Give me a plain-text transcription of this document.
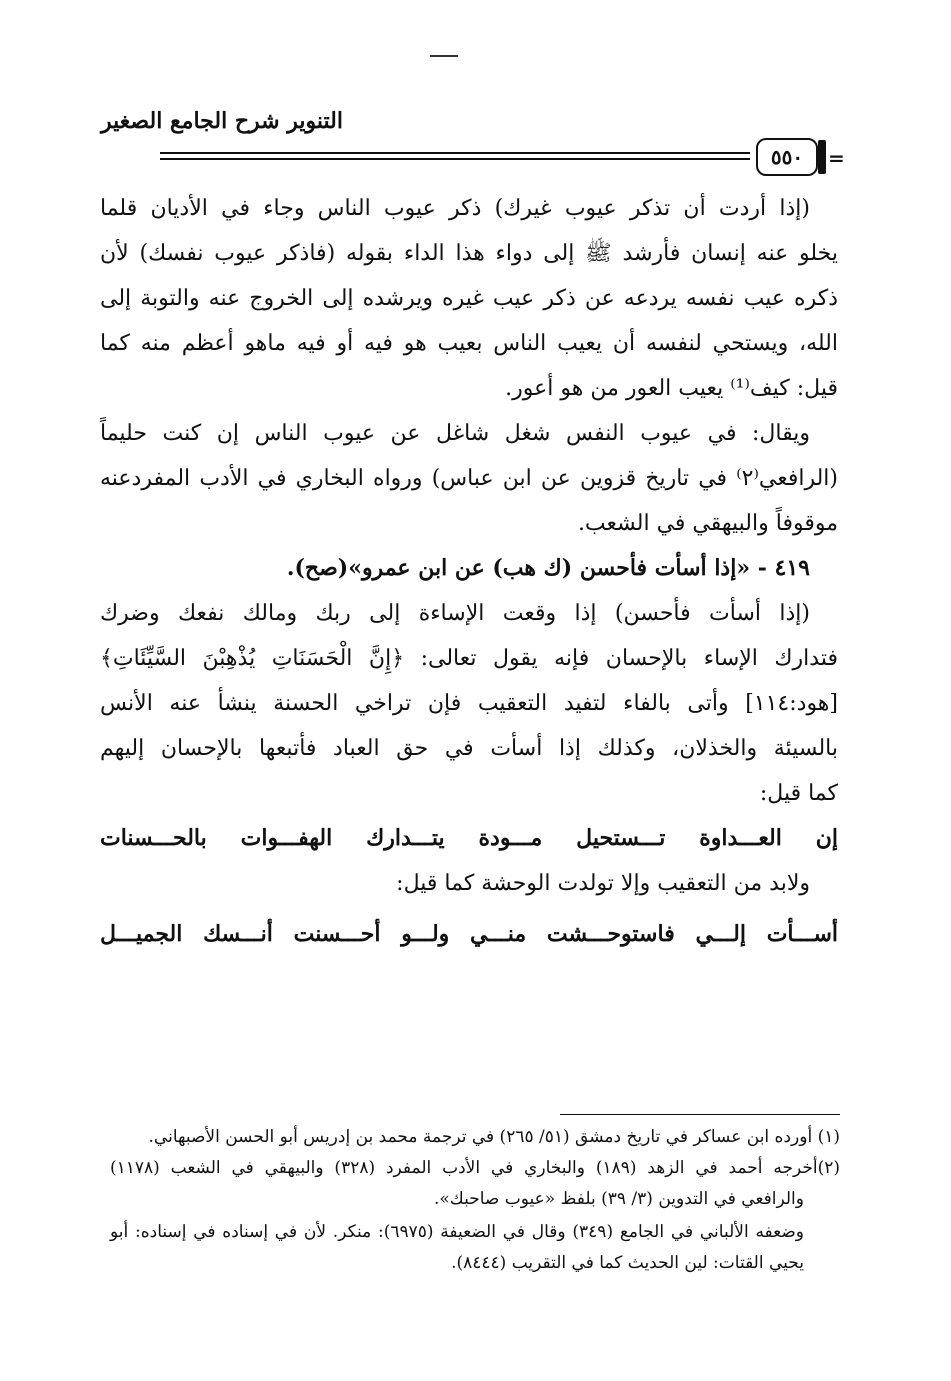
التنوير شرح الجامع الصغير
٥٥٠	=
(إذا أردت أن تذكر عيوب غيرك) ذكر عيوب الناس وجاء في الأديان قلما
يخلو عنه إنسان فأرشد ﷺ إلى دواء هذا الداء بقوله (فاذكر عيوب نفسك) لأن
ذكره عيب نفسه يردعه عن ذكر عيب غيره ويرشده إلى الخروج عنه والتوبة إلى
الله، ويستحي لنفسه أن يعيب الناس بعيب هو فيه أو فيه ماهو أعظم منه كما
قيل: كيف⁽¹⁾ يعيب العور من هو أعور.
ويقال: في عيوب النفس شغل شاغل عن عيوب الناس إن كنت حليماً
(الرافعي⁽٢⁾ في تاريخ قزوين عن ابن عباس) ورواه البخاري في الأدب المفردعنه
موقوفاً والبيهقي في الشعب.
٤١٩ - «إذا أسأت فأحسن (ك هب) عن ابن عمرو»(صح).
(إذا أسأت فأحسن) إذا وقعت الإساءة إلى ربك ومالك نفعك وضرك
فتدارك الإساء بالإحسان فإنه يقول تعالى: ﴿إِنَّ الْحَسَنَاتِ يُذْهِبْنَ السَّيِّئَاتِ﴾
[هود:١١٤] وأتى بالفاء لتفيد التعقيب فإن تراخي الحسنة ينشأ عنه الأنس
بالسيئة والخذلان، وكذلك إذا أسأت في حق العباد فأتبعها بالإحسان إليهم
كما قيل:
إن العـــداوة تـــستحيل مـــودة يتـــدارك الهفـــوات بالحـــسنات
ولابد من التعقيب وإلا تولدت الوحشة كما قيل:
أســـأت إلـــي فاستوحـــشت منـــي ولـــو أحـــسنت أنـــسك الجميـــل
(١) أورده ابن عساكر في تاريخ دمشق (٥١/ ٢٦٥) في ترجمة محمد بن إدريس أبو الحسن الأصبهاني.
(٢)أخرجه أحمد في الزهد (١٨٩) والبخاري في الأدب المفرد (٣٢٨) والبيهقي في الشعب (١١٧٨)
والرافعي في التدوين (٣/ ٣٩) بلفظ «عيوب صاحبك».
وضعفه الألباني في الجامع (٣٤٩) وقال في الضعيفة (٦٩٧٥): منكر. لأن في إسناده في إسناده: أبو
يحيي القتات: لين الحديث كما في التقريب (٨٤٤٤).
